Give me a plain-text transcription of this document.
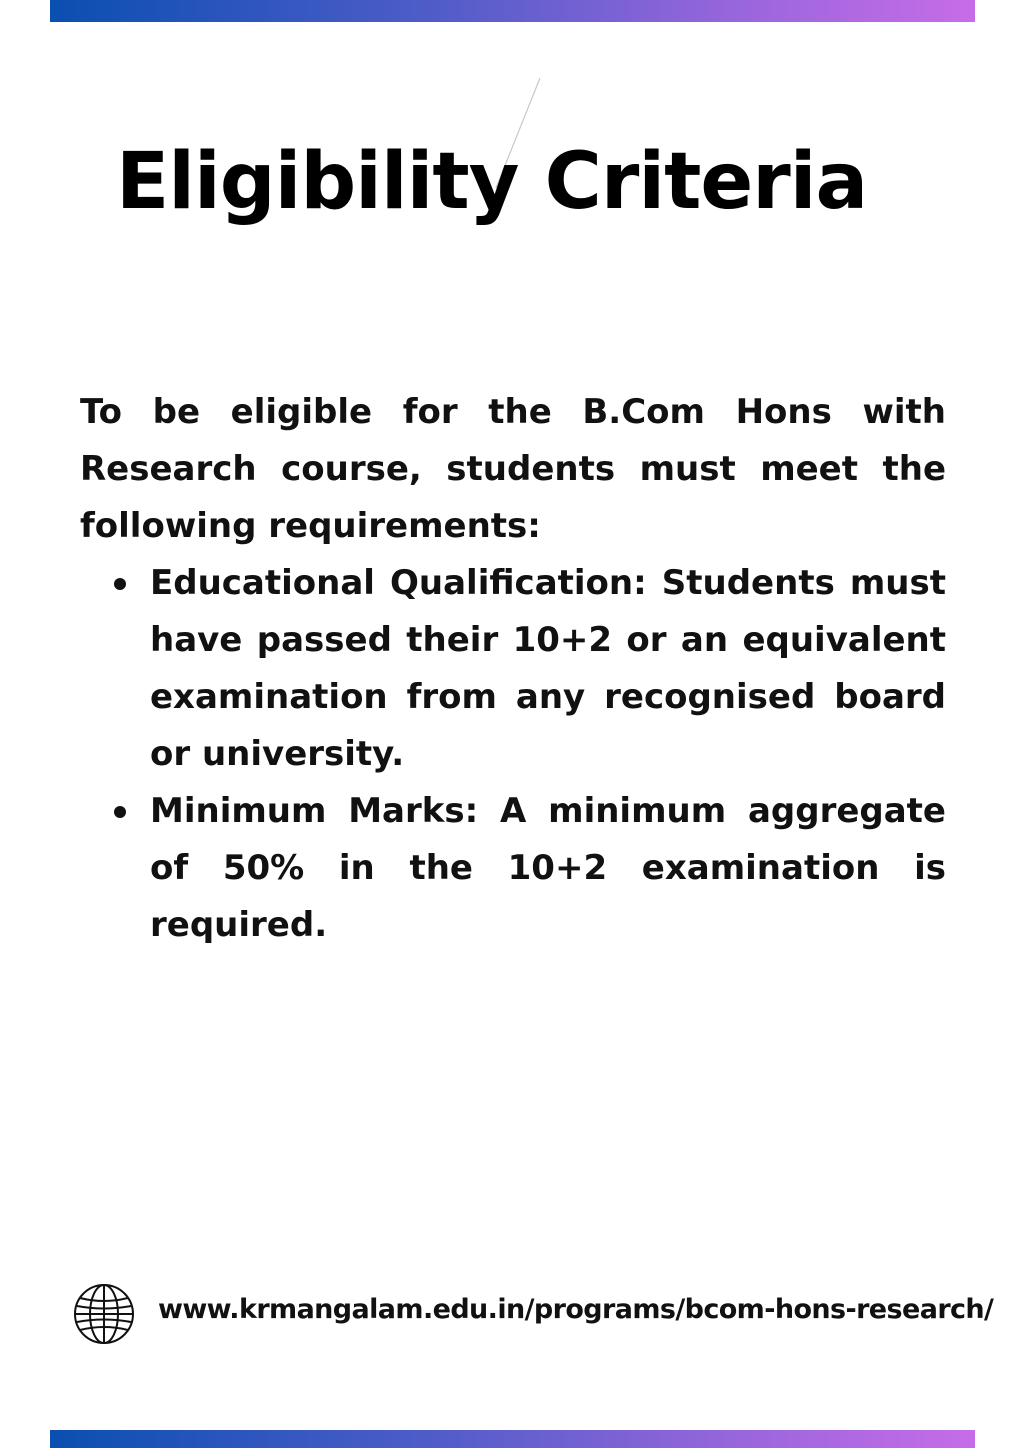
Eligibility Criteria

To be eligible for the B.Com Hons with Research course, students must meet the following requirements:

Educational Qualification: Students must have passed their 10+2 or an equivalent examination from any recognised board or university.
Minimum Marks: A minimum aggregate of 50% in the 10+2 examination is required.
www.krmangalam.edu.in/programs/bcom-hons-research/
